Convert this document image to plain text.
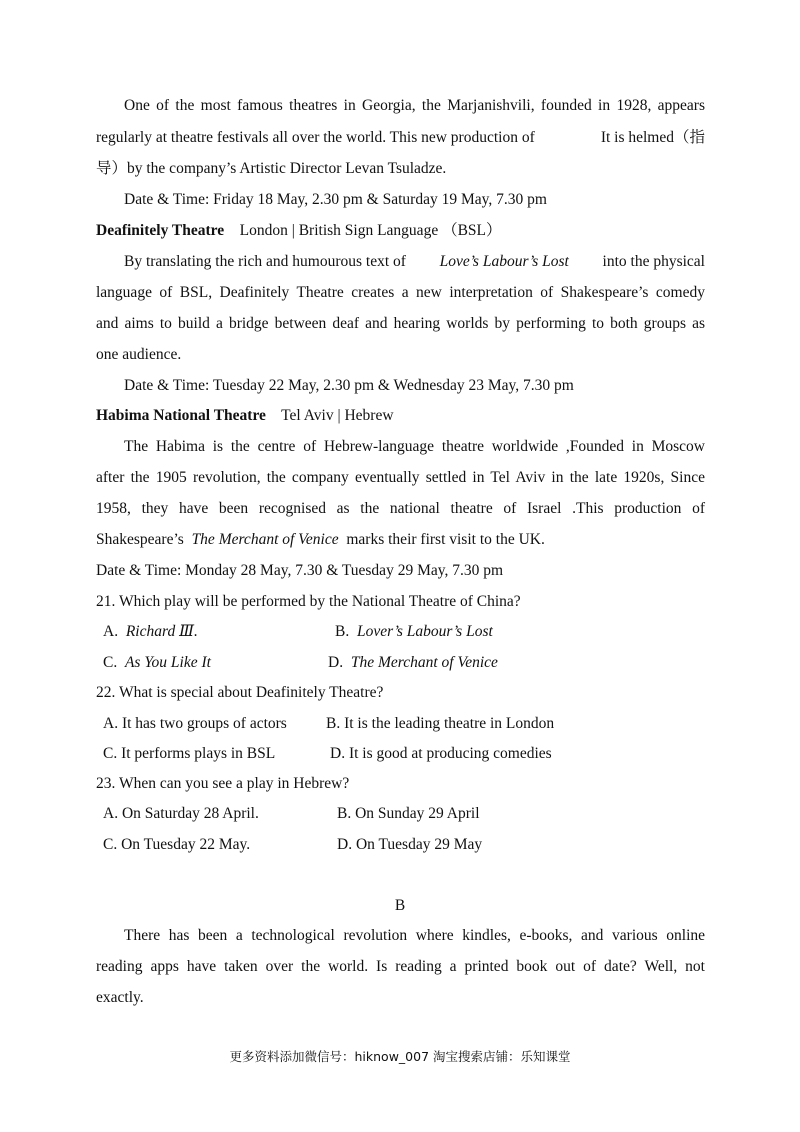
One of the most famous theatres in Georgia, the Marjanishvili, founded in 1928, appears
regularly at theatre festivals all over the world. This new production of	It is helmed（指
导）by the company’s Artistic Director Levan Tsuladze.
Date & Time: Friday 18 May, 2.30 pm & Saturday 19 May, 7.30 pm
Deafinitely Theatre London | British Sign Language （BSL）
By translating the rich and humourous text of Love’s Labour’s Lost into the physical
language of BSL, Deafinitely Theatre creates a new interpretation of Shakespeare’s comedy
and aims to build a bridge between deaf and hearing worlds by performing to both groups as
one audience.
Date & Time: Tuesday 22 May, 2.30 pm & Wednesday 23 May, 7.30 pm
Habima National Theatre Tel Aviv | Hebrew
The Habima is the centre of Hebrew-language theatre worldwide ,Founded in Moscow
after the 1905 revolution, the company eventually settled in Tel Aviv in the late 1920s, Since
1958, they have been recognised as the national theatre of Israel .This production of
Shakespeare’s The Merchant of Venice marks their first visit to the UK.
Date & Time: Monday 28 May, 7.30 & Tuesday 29 May, 7.30 pm
21. Which play will be performed by the National Theatre of China?
A. Richard Ⅲ.	B. Lover’s Labour’s Lost
C. As You Like It	D. The Merchant of Venice
22. What is special about Deafinitely Theatre?
A. It has two groups of actors	B. It is the leading theatre in London
C. It performs plays in BSL	D. It is good at producing comedies
23. When can you see a play in Hebrew?
A. On Saturday 28 April.	B. On Sunday 29 April
C. On Tuesday 22 May.	D. On Tuesday 29 May
B
There has been a technological revolution where kindles, e-books, and various online
reading apps have taken over the world. Is reading a printed book out of date? Well, not
exactly.
更多资料添加微信号：hiknow_007 淘宝搜索店铺：乐知课堂
